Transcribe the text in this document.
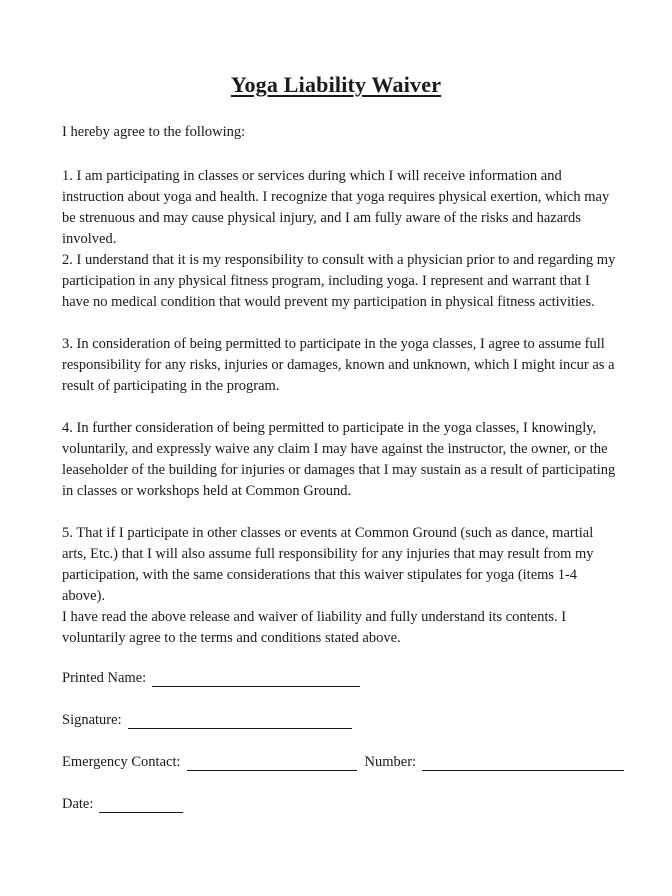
Yoga Liability Waiver
I hereby agree to the following:

1. I am participating in classes or services during which I will receive information and instruction about yoga and health. I recognize that yoga requires physical exertion, which may be strenuous and may cause physical injury, and I am fully aware of the risks and hazards involved.

2. I understand that it is my responsibility to consult with a physician prior to and regarding my participation in any physical fitness program, including yoga. I represent and warrant that I have no medical condition that would prevent my participation in physical fitness activities.

3. In consideration of being permitted to participate in the yoga classes, I agree to assume full responsibility for any risks, injuries or damages, known and unknown, which I might incur as a result of participating in the program.

4. In further consideration of being permitted to participate in the yoga classes, I knowingly, voluntarily, and expressly waive any claim I may have against the instructor, the owner, or the leaseholder of the building for injuries or damages that I may sustain as a result of participating in classes or workshops held at Common Ground.

5. That if I participate in other classes or events at Common Ground (such as dance, martial arts, Etc.) that I will also assume full responsibility for any injuries that may result from my participation, with the same considerations that this waiver stipulates for yoga (items 1-4 above).

I have read the above release and waiver of liability and fully understand its contents. I voluntarily agree to the terms and conditions stated above.

Printed Name:
Signature:
Emergency Contact:	Number:
Date:
